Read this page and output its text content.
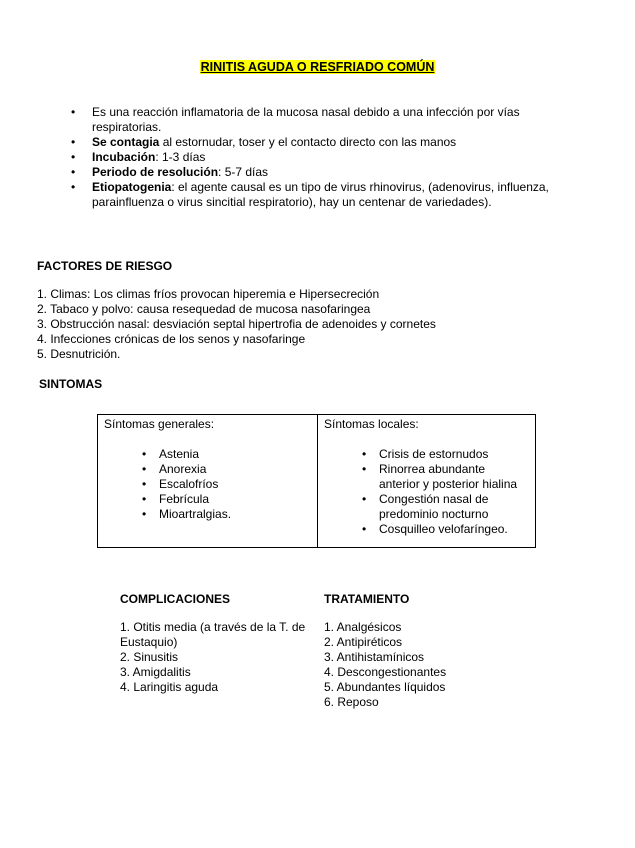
RINITIS AGUDA O RESFRIADO COMÚN
• Es una reacción inflamatoria de la mucosa nasal debido a una infección por vías respiratorias.
• Se contagia al estornudar, toser y el contacto directo con las manos
• Incubación: 1-3 días
• Periodo de resolución: 5-7 días
• Etiopatogenia: el agente causal es un tipo de virus rhinovirus, (adenovirus, influenza, parainfluenza o virus sincitial respiratorio), hay un centenar de variedades).
FACTORES DE RIESGO
1. Climas: Los climas fríos provocan hiperemia e Hipersecreción
2. Tabaco y polvo: causa resequedad de mucosa nasofaringea
3. Obstrucción nasal: desviación septal hipertrofia de adenoides y cornetes
4. Infecciones crónicas de los senos y nasofaringe
5. Desnutrición.
SINTOMAS
Síntomas generales:
• Astenia
• Anorexia
• Escalofríos
• Febrícula
• Mioartralgias.
Síntomas locales:
• Crisis de estornudos
• Rinorrea abundante anterior y posterior hialina
• Congestión nasal de predominio nocturno
• Cosquilleo velofaríngeo.
COMPLICACIONES
1. Otitis media (a través de la T. de Eustaquio)
2. Sinusitis
3. Amigdalitis
4. Laringitis aguda
TRATAMIENTO
1. Analgésicos
2. Antipiréticos
3. Antihistamínicos
4. Descongestionantes
5. Abundantes líquidos
6. Reposo
